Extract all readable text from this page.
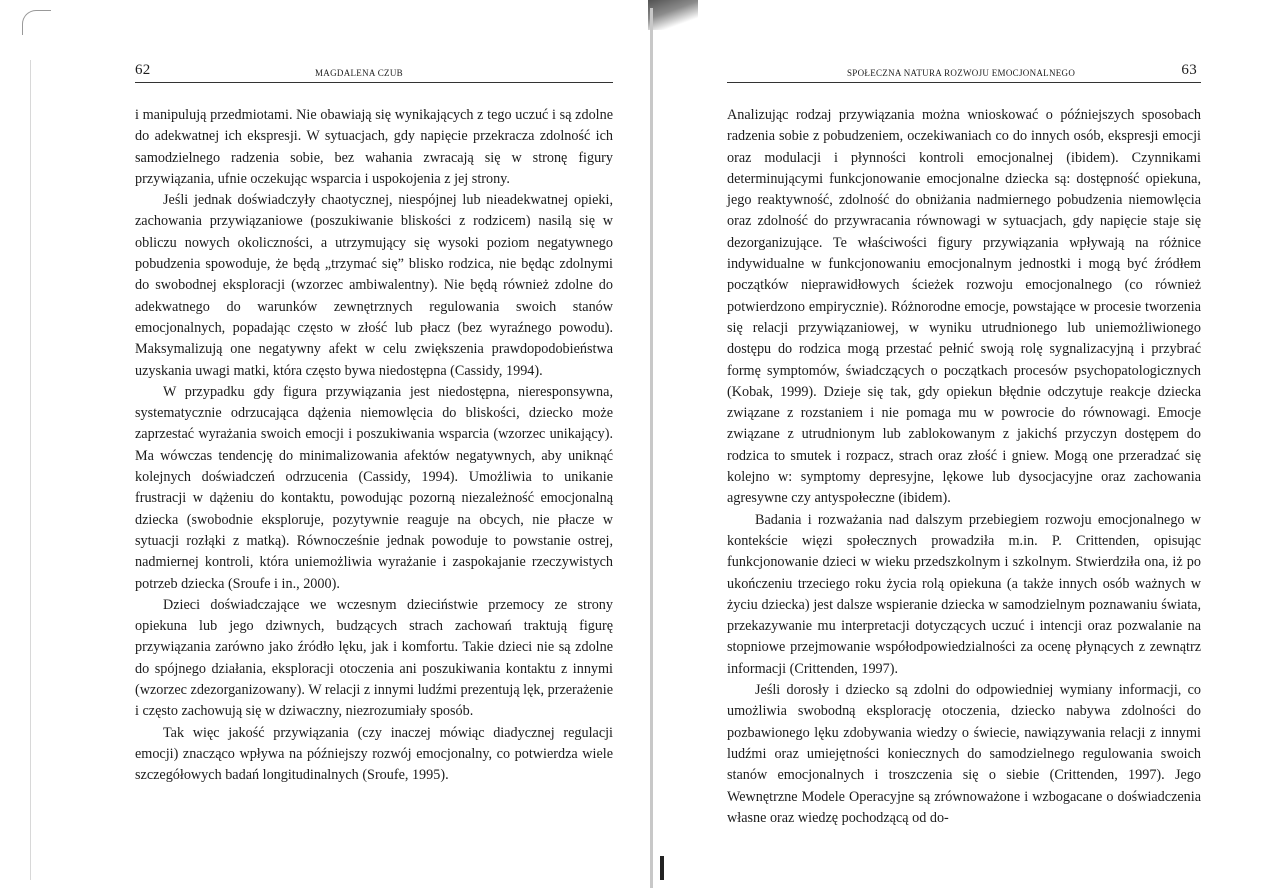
62	MAGDALENA CZUB

i manipulują przedmiotami. Nie obawiają się wynikających z tego uczuć i są zdolne do adekwatnej ich ekspresji. W sytuacjach, gdy napięcie przekracza zdolność ich samodzielnego radzenia sobie, bez wahania zwracają się w stronę figury przywiązania, ufnie oczekując wsparcia i uspokojenia z jej strony.

Jeśli jednak doświadczyły chaotycznej, niespójnej lub nieadekwatnej opieki, zachowania przywiązaniowe (poszukiwanie bliskości z rodzicem) nasilą się w obliczu nowych okoliczności, a utrzymujący się wysoki poziom negatywnego pobudzenia spowoduje, że będą „trzymać się” blisko rodzica, nie będąc zdolnymi do swobodnej eksploracji (wzorzec ambiwalentny). Nie będą również zdolne do adekwatnego do warunków zewnętrznych regulowania swoich stanów emocjonalnych, popadając często w złość lub płacz (bez wyraźnego powodu). Maksymalizują one negatywny afekt w celu zwiększenia prawdopodobieństwa uzyskania uwagi matki, która często bywa niedostępna (Cassidy, 1994).

W przypadku gdy figura przywiązania jest niedostępna, nieresponsywna, systematycznie odrzucająca dążenia niemowlęcia do bliskości, dziecko może zaprzestać wyrażania swoich emocji i poszukiwania wsparcia (wzorzec unikający). Ma wówczas tendencję do minimalizowania afektów negatywnych, aby uniknąć kolejnych doświadczeń odrzucenia (Cassidy, 1994). Umożliwia to unikanie frustracji w dążeniu do kontaktu, powodując pozorną niezależność emocjonalną dziecka (swobodnie eksploruje, pozytywnie reaguje na obcych, nie płacze w sytuacji rozłąki z matką). Równocześnie jednak powoduje to powstanie ostrej, nadmiernej kontroli, która uniemożliwia wyrażanie i zaspokajanie rzeczywistych potrzeb dziecka (Sroufe i in., 2000).

Dzieci doświadczające we wczesnym dzieciństwie przemocy ze strony opiekuna lub jego dziwnych, budzących strach zachowań traktują figurę przywiązania zarówno jako źródło lęku, jak i komfortu. Takie dzieci nie są zdolne do spójnego działania, eksploracji otoczenia ani poszukiwania kontaktu z innymi (wzorzec zdezorganizowany). W relacji z innymi ludźmi prezentują lęk, przerażenie i często zachowują się w dziwaczny, niezrozumiały sposób.

Tak więc jakość przywiązania (czy inaczej mówiąc diadycznej regulacji emocji) znacząco wpływa na późniejszy rozwój emocjonalny, co potwierdza wiele szczegółowych badań longitudinalnych (Sroufe, 1995).

SPOŁECZNA NATURA ROZWOJU EMOCJONALNEGO	63

Analizując rodzaj przywiązania można wnioskować o późniejszych sposobach radzenia sobie z pobudzeniem, oczekiwaniach co do innych osób, ekspresji emocji oraz modulacji i płynności kontroli emocjonalnej (ibidem). Czynnikami determinującymi funkcjonowanie emocjonalne dziecka są: dostępność opiekuna, jego reaktywność, zdolność do obniżania nadmiernego pobudzenia niemowlęcia oraz zdolność do przywracania równowagi w sytuacjach, gdy napięcie staje się dezorganizujące. Te właściwości figury przywiązania wpływają na różnice indywidualne w funkcjonowaniu emocjonalnym jednostki i mogą być źródłem początków nieprawidłowych ścieżek rozwoju emocjonalnego (co również potwierdzono empirycznie). Różnorodne emocje, powstające w procesie tworzenia się relacji przywiązaniowej, w wyniku utrudnionego lub uniemożliwionego dostępu do rodzica mogą przestać pełnić swoją rolę sygnalizacyjną i przybrać formę symptomów, świadczących o początkach procesów psychopatologicznych (Kobak, 1999). Dzieje się tak, gdy opiekun błędnie odczytuje reakcje dziecka związane z rozstaniem i nie pomaga mu w powrocie do równowagi. Emocje związane z utrudnionym lub zablokowanym z jakichś przyczyn dostępem do rodzica to smutek i rozpacz, strach oraz złość i gniew. Mogą one przeradzać się kolejno w: symptomy depresyjne, lękowe lub dysocjacyjne oraz zachowania agresywne czy antyspołeczne (ibidem).

Badania i rozważania nad dalszym przebiegiem rozwoju emocjonalnego w kontekście więzi społecznych prowadziła m.in. P. Crittenden, opisując funkcjonowanie dzieci w wieku przedszkolnym i szkolnym. Stwierdziła ona, iż po ukończeniu trzeciego roku życia rolą opiekuna (a także innych osób ważnych w życiu dziecka) jest dalsze wspieranie dziecka w samodzielnym poznawaniu świata, przekazywanie mu interpretacji dotyczących uczuć i intencji oraz pozwalanie na stopniowe przejmowanie współodpowiedzialności za ocenę płynących z zewnątrz informacji (Crittenden, 1997).

Jeśli dorosły i dziecko są zdolni do odpowiedniej wymiany informacji, co umożliwia swobodną eksplorację otoczenia, dziecko nabywa zdolności do pozbawionego lęku zdobywania wiedzy o świecie, nawiązywania relacji z innymi ludźmi oraz umiejętności koniecznych do samodzielnego regulowania swoich stanów emocjonalnych i troszczenia się o siebie (Crittenden, 1997). Jego Wewnętrzne Modele Operacyjne są zrównoważone i wzbogacane o doświadczenia własne oraz wiedzę pochodzącą od do-
